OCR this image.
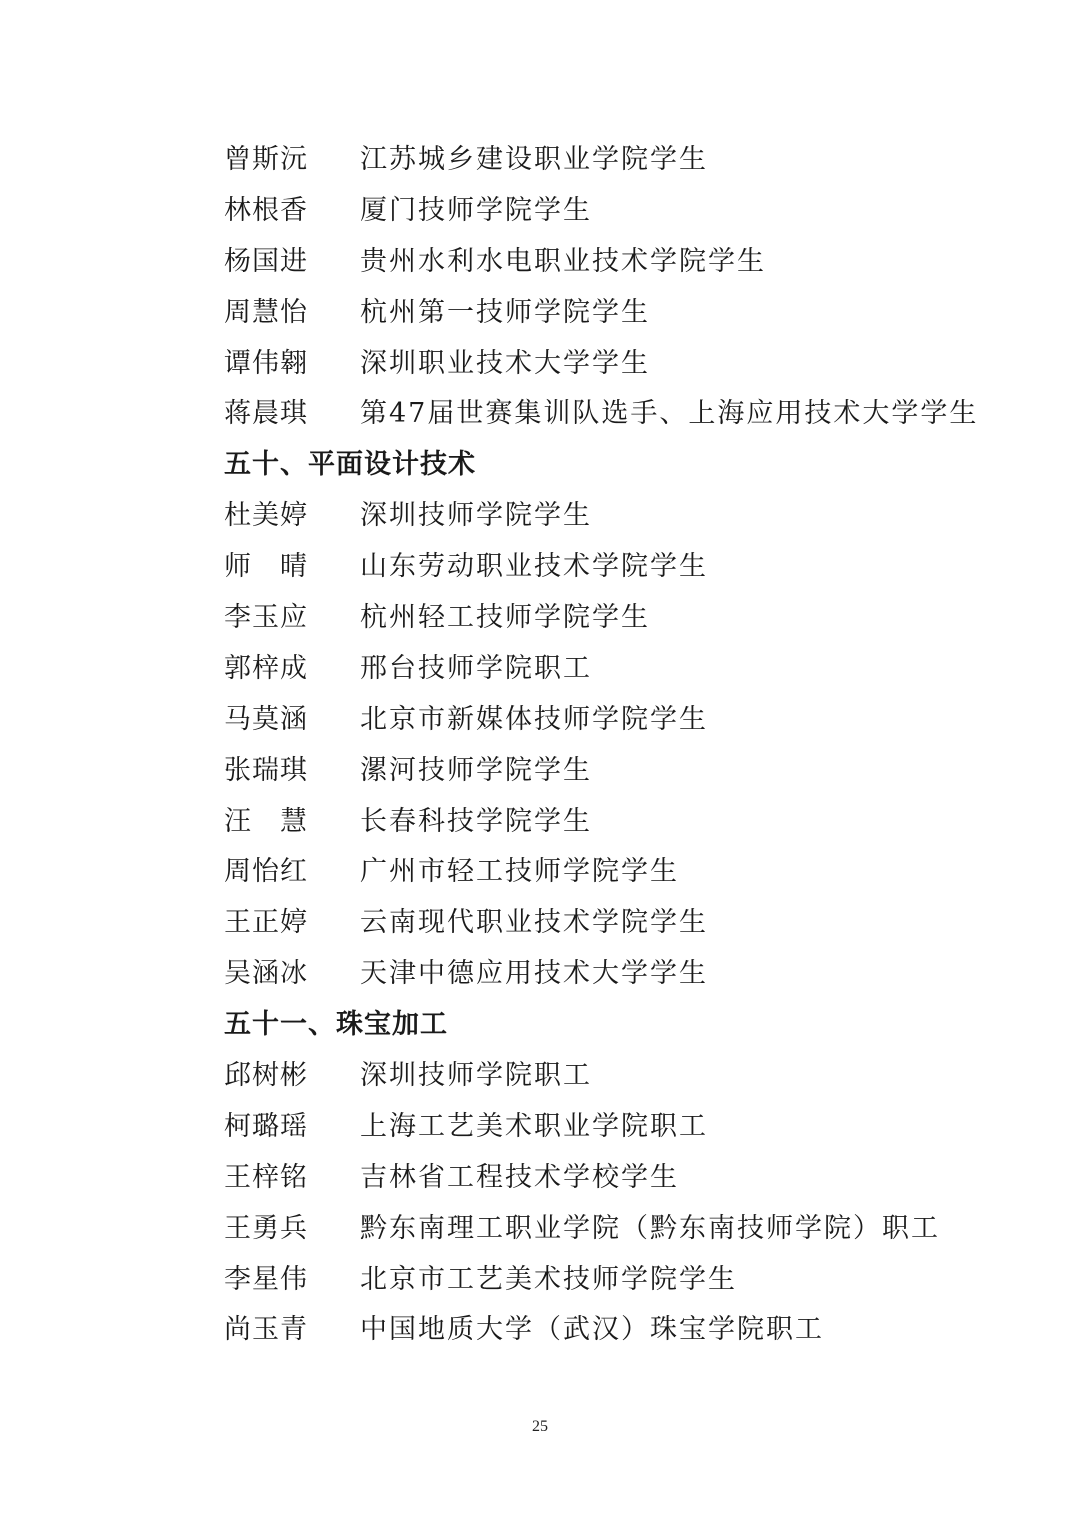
曾斯沅 江苏城乡建设职业学院学生
林根香 厦门技师学院学生
杨国进 贵州水利水电职业技术学院学生
周慧怡 杭州第一技师学院学生
谭伟翱 深圳职业技术大学学生
蒋晨琪 第47届世赛集训队选手、上海应用技术大学学生
五十、平面设计技术
杜美婷 深圳技师学院学生
师 晴 山东劳动职业技术学院学生
李玉应 杭州轻工技师学院学生
郭梓成 邢台技师学院职工
马莫涵 北京市新媒体技师学院学生
张瑞琪 漯河技师学院学生
汪 慧 长春科技学院学生
周怡红 广州市轻工技师学院学生
王正婷 云南现代职业技术学院学生
吴涵冰 天津中德应用技术大学学生
五十一、珠宝加工
邱树彬 深圳技师学院职工
柯璐瑶 上海工艺美术职业学院职工
王梓铭 吉林省工程技术学校学生
王勇兵 黔东南理工职业学院（黔东南技师学院）职工
李星伟 北京市工艺美术技师学院学生
尚玉青 中国地质大学（武汉）珠宝学院职工
25
